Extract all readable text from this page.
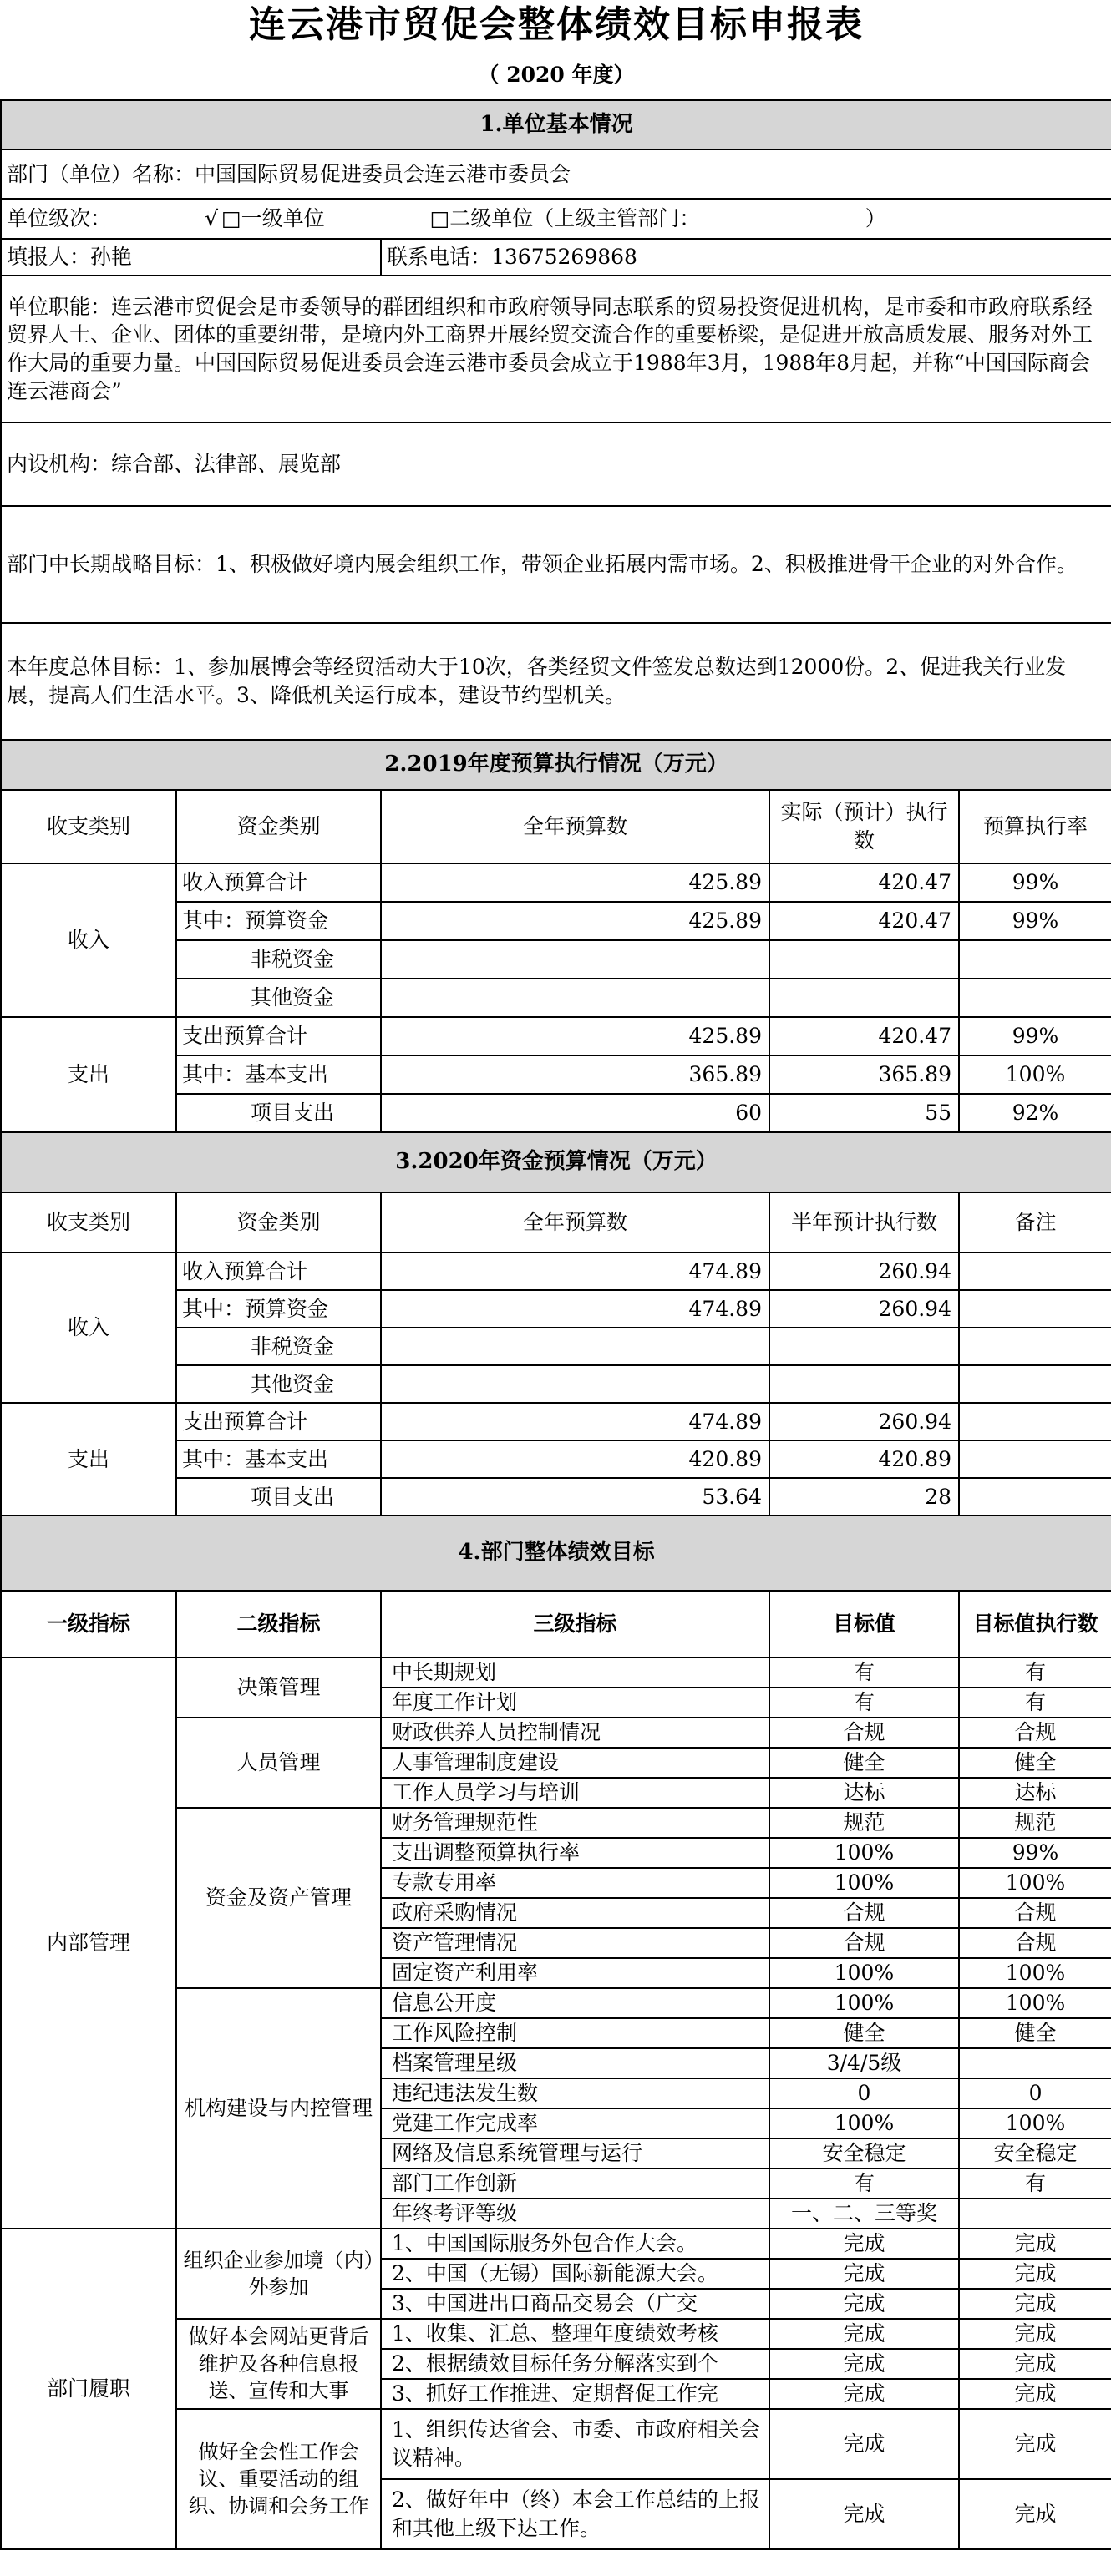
连云港市贸促会整体绩效目标申报表				
（ 2020 年度）				
1.单位基本情况				
部门（单位）名称：中国国际贸易促进委员会连云港市委员会				
单位级次： √ □一级单位 □二级单位（上级主管部门： ）				
填报人：孙艳		联系电话：13675269868		
单位职能：连云港市贸促会是市委领导的群团组织和市政府领导同志联系的贸易投资促进机构，是市委和市政府联系经贸界人士、企业、团体的重要纽带，是境内外工商界开展经贸交流合作的重要桥梁，是促进开放高质发展、服务对外工作大局的重要力量。中国国际贸易促进委员会连云港市委员会成立于1988年3月，1988年8月起，并称“中国国际商会连云港商会”				
内设机构：综合部、法律部、展览部				
部门中长期战略目标：1、积极做好境内展会组织工作，带领企业拓展内需市场。2、积极推进骨干企业的对外合作。				
本年度总体目标：1、参加展博会等经贸活动大于10次，各类经贸文件签发总数达到12000份。2、促进我关行业发展，提高人们生活水平。3、降低机关运行成本，建设节约型机关。				
2.2019年度预算执行情况（万元）				
收支类别	资金类别	全年预算数	实际（预计）执行数	预算执行率
收入	收入预算合计	425.89	420.47	99%
	其中：预算资金	425.89	420.47	99%
	非税资金			
	其他资金			
支出	支出预算合计	425.89	420.47	99%
	其中：基本支出	365.89	365.89	100%
	项目支出	60	55	92%
3.2020年资金预算情况（万元）				
收支类别	资金类别	全年预算数	半年预计执行数	备注
收入	收入预算合计	474.89	260.94	
	其中：预算资金	474.89	260.94	
	非税资金			
	其他资金			
支出	支出预算合计	474.89	260.94	
	其中：基本支出	420.89	420.89	
	项目支出	53.64	28	
4.部门整体绩效目标				
一级指标	二级指标	三级指标	目标值	目标值执行数
内部管理	决策管理	中长期规划	有	有
		年度工作计划	有	有
	人员管理	财政供养人员控制情况	合规	合规
		人事管理制度建设	健全	健全
		工作人员学习与培训	达标	达标
	资金及资产管理	财务管理规范性	规范	规范
		支出调整预算执行率	100%	99%
		专款专用率	100%	100%
		政府采购情况	合规	合规
		资产管理情况	合规	合规
		固定资产利用率	100%	100%
	机构建设与内控管理	信息公开度	100%	100%
		工作风险控制	健全	健全
		档案管理星级	3/4/5级	
		违纪违法发生数	0	0
		党建工作完成率	100%	100%
		网络及信息系统管理与运行	安全稳定	安全稳定
		部门工作创新	有	有
		年终考评等级	一、二、三等奖	
部门履职	组织企业参加境（内）外参加	1、中国国际服务外包合作大会。	完成	完成
		2、中国（无锡）国际新能源大会。	完成	完成
		3、中国进出口商品交易会（广交	完成	完成
	做好本会网站更背后维护及各种信息报送、宣传和大事	1、收集、汇总、整理年度绩效考核	完成	完成
		2、根据绩效目标任务分解落实到个	完成	完成
		3、抓好工作推进、定期督促工作完	完成	完成
	做好全会性工作会议、重要活动的组织、协调和会务工作	1、组织传达省会、市委、市政府相关会议精神。	完成	完成
		2、做好年中（终）本会工作总结的上报和其他上级下达工作。	完成	完成
